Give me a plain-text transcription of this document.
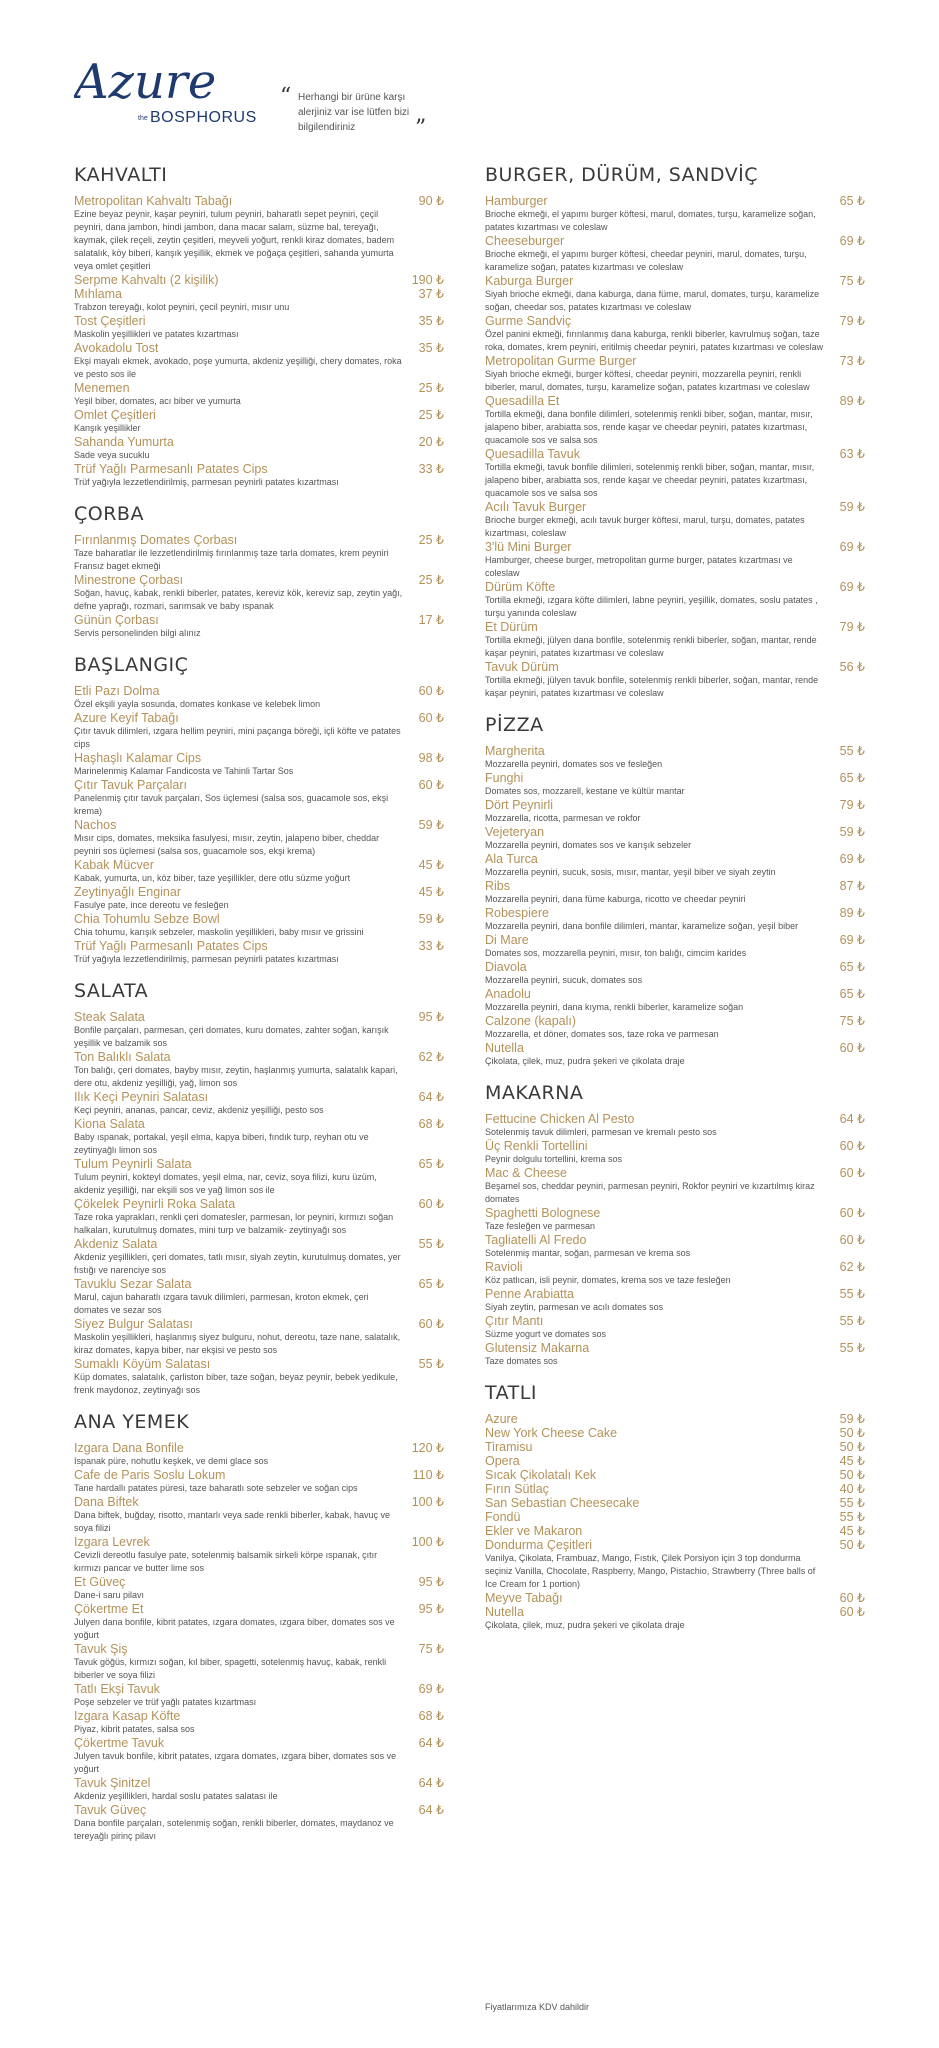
Azure
the BOSPHORUS
“ Herhangi bir ürüne karşı alerjiniz var ise lütfen bizi bilgilendiriniz	”
KAHVALTI
Metropolitan Kahvaltı Tabağı	90 ₺
Ezine beyaz peynir, kaşar peyniri, tulum peyniri, baharatlı sepet peyniri, çeçil peyniri, dana jambon, hindi jambon, dana macar salam, süzme bal, tereyağı, kaymak, çilek reçeli, zeytin çeşitleri, meyveli yoğurt, renkli kiraz domates, badem salatalık, köy biberi, kanşık yeşillik, ekmek ve poğaça çeşitleri, sahanda yumurta veya omlet çeşitleri
Serpme Kahvaltı (2 kişilik)	190 ₺
Mıhlama	37 ₺
Trabzon tereyağı, kolot peyniri, çecil peyniri, mısır unu
Tost Çeşitleri	35 ₺
Maskolin yeşillikleri ve patates kızartması
Avokadolu Tost	35 ₺
Ekşi mayalı ekmek, avokado, poşe yumurta, akdeniz yeşilliği, chery domates, roka ve pesto sos ile
Menemen	25 ₺
Yeşil biber, domates, acı biber ve yumurta
Omlet Çeşitleri	25 ₺
Kanşık yeşillikler
Sahanda Yumurta	20 ₺
Sade veya sucuklu
Trüf Yağlı Parmesanlı Patates Cips	33 ₺
Trüf yağıyla lezzetlendirilmiş, parmesan peynirli patates kızartması
ÇORBA
Fırınlanmış Domates Çorbası	25 ₺
Taze baharatlar ile lezzetlendirilmiş fırınlanmış taze tarla domates, krem peyniri Fransız baget ekmeği
Minestrone Çorbası	25 ₺
Soğan, havuç, kabak, renkli biberler, patates, kereviz kök, kereviz sap, zeytin yağı, defne yaprağı, rozmari, sarımsak ve baby ıspanak
Günün Çorbası	17 ₺
Servis personelinden bilgi alınız
BAŞLANGIÇ
Etli Pazı Dolma	60 ₺
Özel ekşili yayla sosunda, domates konkase ve kelebek limon
Azure Keyif Tabağı	60 ₺
Çıtır tavuk dilimleri, ızgara hellim peyniri, mini paçanga böreği, içli köfte ve patates cips
Haşhaşlı Kalamar Cips	98 ₺
Marinelenmiş Kalamar Fandicosta ve Tahinli Tartar Sos
Çıtır Tavuk Parçaları	60 ₺
Panelenmiş çıtır tavuk parçaları, Sos üçlemesi (salsa sos, guacamole sos, ekşi krema)
Nachos	59 ₺
Mısır cips, domates, meksika fasulyesi, mısır, zeytin, jalapeno biber, cheddar peyniri sos üçlemesi (salsa sos, guacamole sos, ekşi krema)
Kabak Mücver	45 ₺
Kabak, yumurta, un, köz biber, taze yeşillikler, dere otlu süzme yoğurt
Zeytinyağlı Enginar	45 ₺
Fasulye pate, ince dereotu ve fesleğen
Chia Tohumlu Sebze Bowl	59 ₺
Chia tohumu, karışık sebzeler, maskolin yeşillikleri, baby mısır ve grissini
Trüf Yağlı Parmesanlı Patates Cips	33 ₺
Trüf yağıyla lezzetlendirilmiş, parmesan peynirli patates kızartması
SALATA
Steak Salata	95 ₺
Bonfile parçaları, parmesan, çeri domates, kuru domates, zahter soğan, karışık yeşillik ve balzamik sos
Ton Balıklı Salata	62 ₺
Ton balığı, çeri domates, bayby mısır, zeytin, haşlanmış yumurta, salatalık kapari, dere otu, akdeniz yeşilliği, yağ, limon sos
Ilık Keçi Peyniri Salatası	64 ₺
Keçi peyniri, ananas, pancar, ceviz, akdeniz yeşilliği, pesto sos
Kiona Salata	68 ₺
Baby ıspanak, portakal, yeşil elma, kapya biberi, fındık turp, reyhan otu ve zeytinyağlı limon sos
Tulum Peynirli Salata	65 ₺
Tulum peyniri, kokteyl domates, yeşil elma, nar, ceviz, soya filizi, kuru üzüm, akdeniz yeşilliği, nar ekşili sos ve yağ limon sos ile
Çökelek Peynirli Roka Salata	60 ₺
Taze roka yaprakları, renkli çeri domatesler, parmesan, lor peyniri, kırmızı soğan halkaları, kurutulmuş domates, mini turp ve balzamik- zeytinyağı sos
Akdeniz Salata	55 ₺
Akdeniz yeşillikleri, çeri domates, tatlı mısır, siyah zeytin, kurutulmuş domates, yer fıstığı ve narenciye sos
Tavuklu Sezar Salata	65 ₺
Marul, cajun baharatlı ızgara tavuk dilimleri, parmesan, kroton ekmek, çeri domates ve sezar sos
Siyez Bulgur Salatası	60 ₺
Maskolin yeşillikleri, haşlanmış siyez bulguru, nohut, dereotu, taze nane, salatalık, kiraz domates, kapya biber, nar ekşisi ve pesto sos
Sumaklı Köyüm Salatası	55 ₺
Küp domates, salatalık, çarliston biber, taze soğan, beyaz peynir, bebek yedikule, frenk maydonoz, zeytinyağı sos
ANA YEMEK
Izgara Dana Bonfile	120 ₺
Ispanak püre, nohutlu keşkek, ve demi glace sos
Cafe de Paris Soslu Lokum	110 ₺
Tane hardallı patates püresi, taze baharatlı sote sebzeler ve soğan cips
Dana Biftek	100 ₺
Dana biftek, buğday, risotto, mantarlı veya sade renkli biberler, kabak, havuç ve soya filizi
Izgara Levrek	100 ₺
Cevizli dereotlu fasulye pate, sotelenmiş balsamik sirkeli körpe ıspanak, çıtır kırmızı pancar ve butter lime sos
Et Güveç	95 ₺
Dane-i saru pilavı
Çökertme Et	95 ₺
Julyen dana bonfile, kibrit patates, ızgara domates, ızgara biber, domates sos ve yoğurt
Tavuk Şiş	75 ₺
Tavuk göğüs, kırmızı soğan, kıl biber, spagetti, sotelenmiş havuç, kabak, renkli biberler ve soya filizi
Tatlı Ekşi Tavuk	69 ₺
Poşe sebzeler ve trüf yağlı patates kızartması
Izgara Kasap Köfte	68 ₺
Piyaz, kibrit patates, salsa sos
Çökertme Tavuk	64 ₺
Julyen tavuk bonfile, kibrit patates, ızgara domates, ızgara biber, domates sos ve yoğurt
Tavuk Şinitzel	64 ₺
Akdeniz yeşillikleri, hardal soslu patates salatası ile
Tavuk Güveç	64 ₺
Dana bonfile parçaları, sotelenmiş soğan, renkli biberler, domates, maydanoz ve tereyağlı pirinç pilavı
BURGER, DÜRÜM, SANDVİÇ
Hamburger	65 ₺
Brioche ekmeği, el yapımı burger köftesi, marul, domates, turşu, karamelize soğan, patates kızartması ve coleslaw
Cheeseburger	69 ₺
Brioche ekmeği, el yapımı burger köftesi, cheedar peyniri, marul, domates, turşu, karamelize soğan, patates kızartması ve coleslaw
Kaburga Burger	75 ₺
Siyah brioche ekmeği, dana kaburga, dana füme, marul, domates, turşu, karamelize soğan, cheedar sos, patates kızartması ve coleslaw
Gurme Sandviç	79 ₺
Özel panini ekmeği, fırınlanmış dana kaburga, renkli biberler, kavrulmuş soğan, taze roka, domates, krem peyniri, eritilmiş cheedar peyniri, patates kızartması ve coleslaw
Metropolitan Gurme Burger	73 ₺
Siyah brioche ekmeği, burger köftesi, cheedar peyniri, mozzarella peyniri, renkli biberler, marul, domates, turşu, karamelize soğan, patates kızartması ve coleslaw
Quesadilla Et	89 ₺
Tortilla ekmeği, dana bonfile dilimleri, sotelenmiş renkli biber, soğan, mantar, mısır, jalapeno biber, arabiatta sos, rende kaşar ve cheedar peyniri, patates kızartması, quacamole sos ve salsa sos
Quesadilla Tavuk	63 ₺
Tortilla ekmeği, tavuk bonfile dilimleri, sotelenmiş renkli biber, soğan, mantar, mısır, jalapeno biber, arabiatta sos, rende kaşar ve cheedar peyniri, patates kızartması, quacamole sos ve salsa sos
Acılı Tavuk Burger	59 ₺
Brioche burger ekmeği, acılı tavuk burger köftesi, marul, turşu, domates, patates kızartması, coleslaw
3'lü Mini Burger	69 ₺
Hamburger, cheese burger, metropolitan gurme burger, patates kızartması ve coleslaw
Dürüm Köfte	69 ₺
Tortilla ekmeği, ızgara köfte dilimleri, labne peyniri, yeşillik, domates, soslu patates , turşu yanında coleslaw
Et Dürüm	79 ₺
Tortilla ekmeği, jülyen dana bonfile, sotelenmiş renkli biberler, soğan, mantar, rende kaşar peyniri, patates kızartması ve coleslaw
Tavuk Dürüm	56 ₺
Tortilla ekmeği, jülyen tavuk bonfile, sotelenmiş renkli biberler, soğan, mantar, rende kaşar peyniri, patates kızartması ve coleslaw
PİZZA
Margherita	55 ₺
Mozzarella peyniri, domates sos ve fesleğen
Funghi	65 ₺
Domates sos, mozzarell, kestane ve kültür mantar
Dört Peynirli	79 ₺
Mozzarella, ricotta, parmesan ve rokfor
Vejeteryan	59 ₺
Mozzarella peyniri, domates sos ve karışık sebzeler
Ala Turca	69 ₺
Mozzarella peyniri, sucuk, sosis, mısır, mantar, yeşil biber ve siyah zeytin
Ribs	87 ₺
Mozzarella peyniri, dana füme kaburga, ricotto ve cheedar peyniri
Robespiere	89 ₺
Mozzarella peyniri, dana bonfile dilimleri, mantar, karamelize soğan, yeşil biber
Di Mare	69 ₺
Domates sos, mozzarella peyniri, mısır, ton balığı, cimcim karides
Diavola	65 ₺
Mozzarella peyniri, sucuk, domates sos
Anadolu	65 ₺
Mozzarella peyniri, dana kıyma, renkli biberler, karamelize soğan
Calzone (kapalı)	75 ₺
Mozzarella, et döner, domates sos, taze roka ve parmesan
Nutella	60 ₺
Çikolata, çilek, muz, pudra şekeri ve çikolata draje
MAKARNA
Fettucine Chicken Al Pesto	64 ₺
Sotelenmiş tavuk dilimleri, parmesan ve kremalı pesto sos
Üç Renkli Tortellini	60 ₺
Peynir dolgulu tortellini, krema sos
Mac & Cheese	60 ₺
Beşamel sos, cheddar peyniri, parmesan peyniri, Rokfor peyniri ve kızartılmış kiraz domates
Spaghetti Bolognese	60 ₺
Taze fesleğen ve parmesan
Tagliatelli Al Fredo	60 ₺
Sotelenmiş mantar, soğan, parmesan ve krema sos
Ravioli	62 ₺
Köz patlıcan, isli peynir, domates, krema sos ve taze fesleğen
Penne Arabiatta	55 ₺
Siyah zeytin, parmesan ve acılı domates sos
Çıtır Mantı	55 ₺
Süzme yogurt ve domates sos
Glutensiz Makarna	55 ₺
Taze domates sos
TATLI
Azure	59 ₺
New York Cheese Cake	50 ₺
Tiramisu	50 ₺
Opera	45 ₺
Sıcak Çikolatalı Kek	50 ₺
Fırın Sütlaç	40 ₺
San Sebastian Cheesecake	55 ₺
Fondü	55 ₺
Ekler ve Makaron	45 ₺
Dondurma Çeşitleri	50 ₺
Vanilya, Çikolata, Frambuaz, Mango, Fıstık, Çilek Porsiyon için 3 top dondurma seçiniz Vanilla, Chocolate, Raspberry, Mango, Pistachio, Strawberry (Three balls of Ice Cream for 1 portion)
Meyve Tabağı	60 ₺
Nutella	60 ₺
Çikolata, çilek, muz, pudra şekeri ve çikolata draje
Fiyatlarımıza KDV dahildir
